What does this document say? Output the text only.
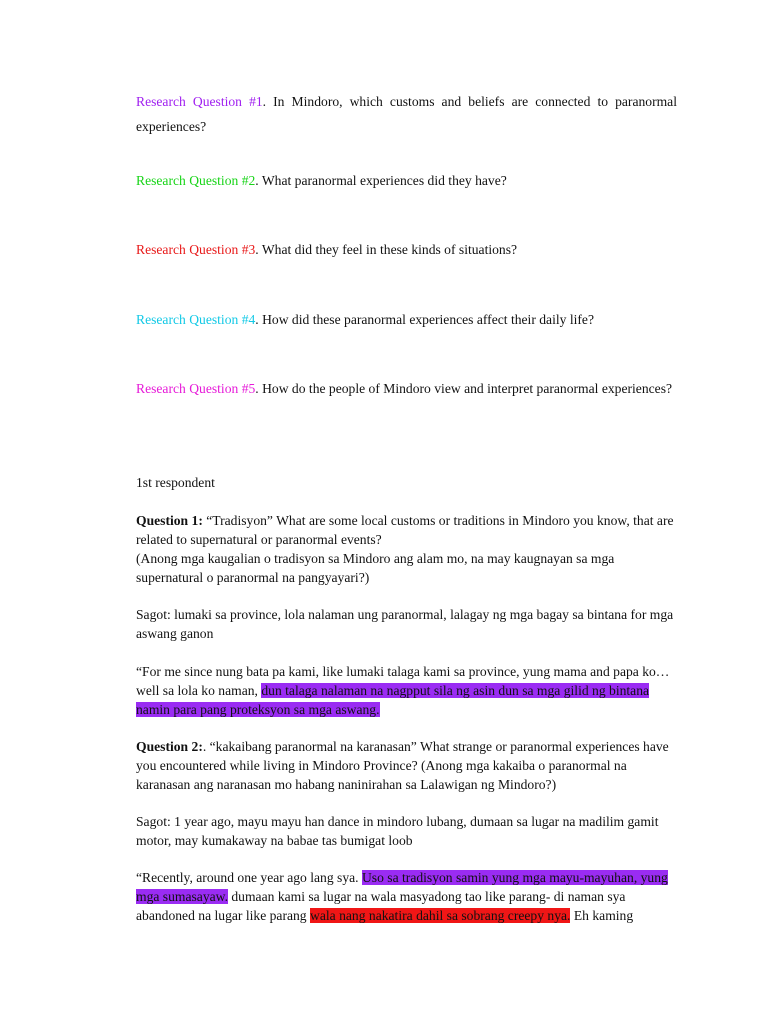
Research Question #1. In Mindoro, which customs and beliefs are connected to paranormal experiences?

Research Question #2. What paranormal experiences did they have?

Research Question #3. What did they feel in these kinds of situations?

Research Question #4. How did these paranormal experiences affect their daily life?

Research Question #5. How do the people of Mindoro view and interpret paranormal experiences?

1st respondent
Question 1: “Tradisyon” What are some local customs or traditions in Mindoro you know, that are related to supernatural or paranormal events?
(Anong mga kaugalian o tradisyon sa Mindoro ang alam mo, na may kaugnayan sa mga supernatural o paranormal na pangyayari?)
Sagot: lumaki sa province, lola nalaman ung paranormal, lalagay ng mga bagay sa bintana for mga aswang ganon
“For me since nung bata pa kami, like lumaki talaga kami sa province, yung mama and papa ko… well sa lola ko naman, dun talaga nalaman na nagpput sila ng asin dun sa mga gilid ng bintana namin para pang proteksyon sa mga aswang.
Question 2:. “kakaibang paranormal na karanasan” What strange or paranormal experiences have you encountered while living in Mindoro Province? (Anong mga kakaiba o paranormal na karanasan ang naranasan mo habang naninirahan sa Lalawigan ng Mindoro?)
Sagot: 1 year ago, mayu mayu han dance in mindoro lubang, dumaan sa lugar na madilim gamit motor, may kumakaway na babae tas bumigat loob
“Recently, around one year ago lang sya. Uso sa tradisyon samin yung mga mayu-mayuhan, yung mga sumasayaw. dumaan kami sa lugar na wala masyadong tao like parang- di naman sya abandoned na lugar like parang wala nang nakatira dahil sa sobrang creepy nya. Eh kaming
